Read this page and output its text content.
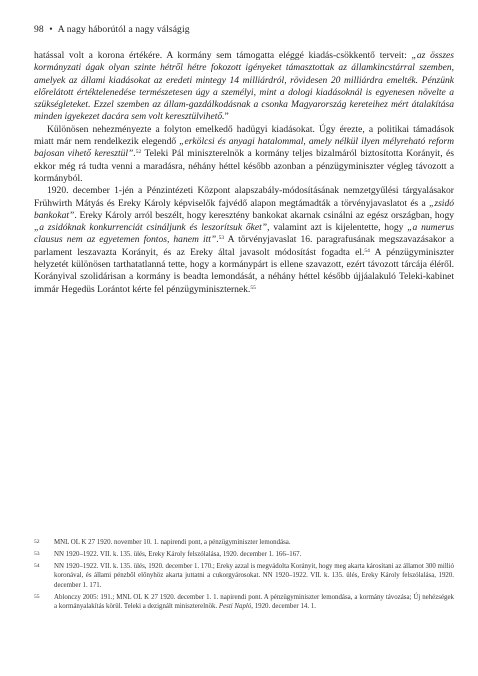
98 • A nagy háborútól a nagy válságig

hatással volt a korona értékére. A kormány sem támogatta eléggé kiadás-csökkentő terveit: „az összes kormányzati ágak olyan szinte hétről hétre fokozott igényeket támasztottak az államkincstárral szemben, amelyek az állami kiadásokat az eredeti mintegy 14 milliárdról, rövidesen 20 milliárdra emelték. Pénzünk előrelátott értéktelenedése természetesen úgy a személyi, mint a dologi kiadásoknál is egyenesen növelte a szükségleteket. Ezzel szemben az állam-gazdálkodásnak a csonka Magyarország kereteihez mért átalakítása minden igyekezet dacára sem volt keresztülvihető.”

Különösen nehezményezte a folyton emelkedő hadügyi kiadásokat. Úgy érezte, a politikai támadások miatt már nem rendelkezik elegendő „erkölcsi és anyagi hatalommal, amely nélkül ilyen mélyreható reform bajosan vihető keresztül”.$^{52}$ Teleki Pál miniszterelnök a kormány teljes bizalmáról biztosította Korányit, és ekkor még rá tudta venni a maradásra, néhány héttel később azonban a pénzügyminiszter végleg távozott a kormányból.

1920. december 1-jén a Pénzintézeti Központ alapszabály-módosításának nemzetgyűlési tárgyalásakor Frühwirth Mátyás és Ereky Károly képviselők fajvédő alapon megtámadták a törvényjavaslatot és a „zsidó bankokat”. Ereky Károly arról beszélt, hogy keresztény bankokat akarnak csinálni az egész országban, hogy „a zsidóknak konkurrenciát csináljunk és leszorítsuk őket”, valamint azt is kijelentette, hogy „a numerus clausus nem az egyetemen fontos, hanem itt”.$^{53}$ A törvényjavaslat 16. paragrafusának megszavazásakor a parlament leszavazta Korányit, és az Ereky által javasolt módosítást fogadta el.$^{54}$ A pénzügyminiszter helyzetét különösen tarthatatlanná tette, hogy a kormánypárt is ellene szavazott, ezért távozott tárcája éléről. Korányival szolidárisan a kormány is beadta lemondását, a néhány héttel később újjáalakuló Teleki-kabinet immár Hegedüs Lorántot kérte fel pénzügyminiszternek.$^{55}$

52 MNL OL K 27 1920. november 10. 1. napirendi pont, a pénzügyminiszter lemondása.
53 NN 1920–1922. VII. k. 135. ülés, Ereky Károly felszólalása, 1920. december 1. 166–167.
54 NN 1920–1922. VII. k. 135. ülés, 1920. december 1. 170.; Ereky azzal is megvádolta Korányit, hogy meg akarta károsítani az államot 300 millió koronával, és állami pénzből előnyhöz akarta juttatni a cukorgyárosokat. NN 1920–1922. VII. k. 135. ülés, Ereky Károly felszólalása, 1920. december 1. 171.
55 Ablonczy 2005: 191.; MNL OL K 27 1920. december 1. 1. napirendi pont. A pénzügyminiszter lemondása, a kormány távozása; Új nehézségek a kormányalakítás körül. Teleki a dezignált miniszterelnök. Pesti Napló, 1920. december 14. 1.
